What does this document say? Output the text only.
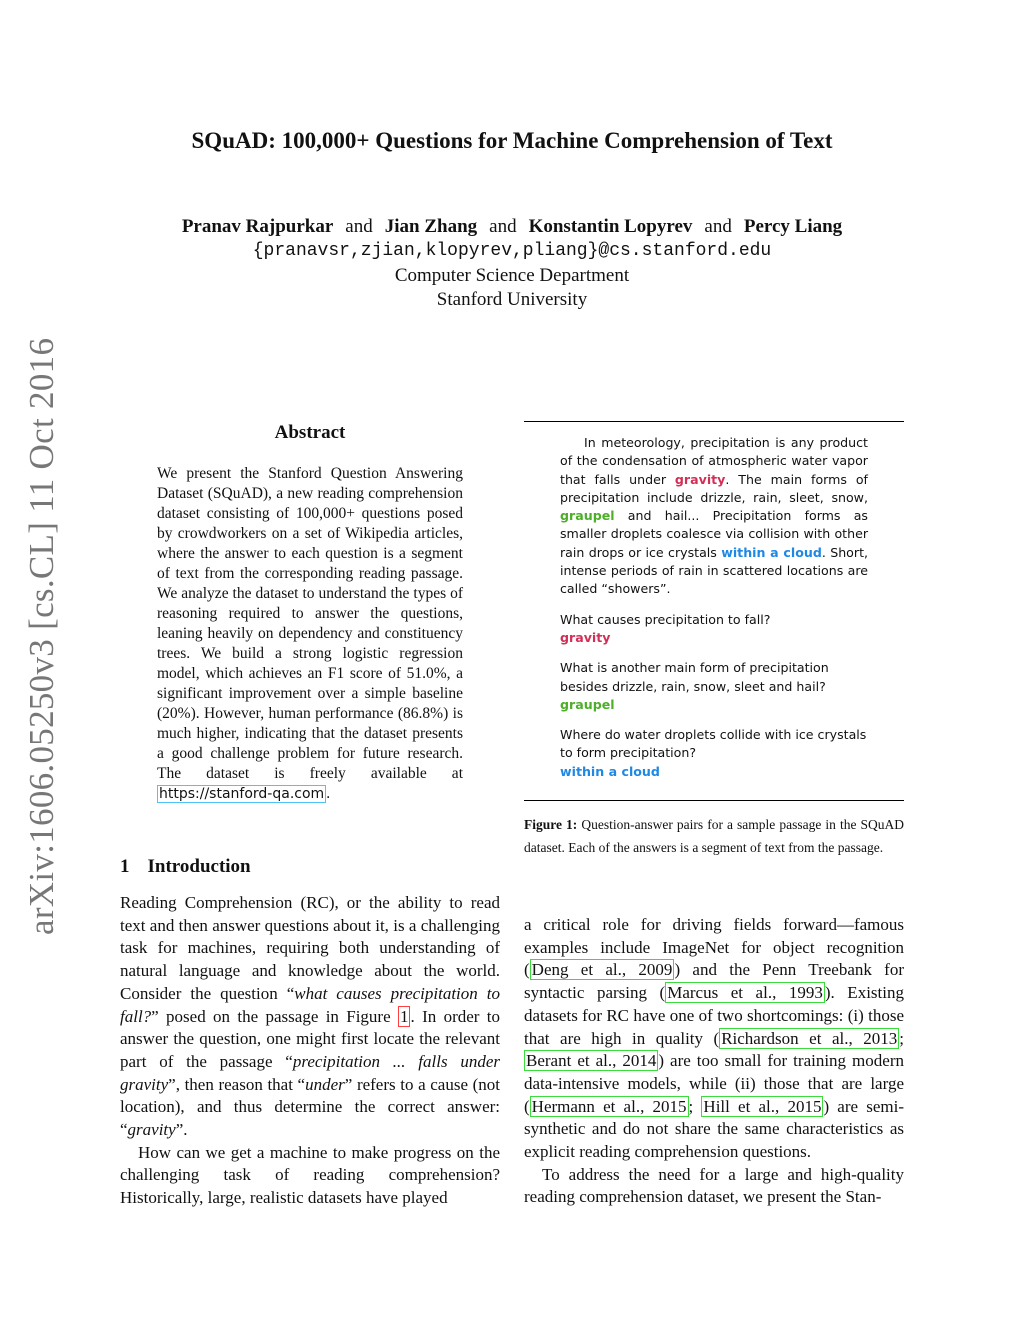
arXiv:1606.05250v3 [cs.CL] 11 Oct 2016
SQuAD: 100,000+ Questions for Machine Comprehension of Text
Pranav Rajpurkar and Jian Zhang and Konstantin Lopyrev and Percy Liang
{pranavsr,zjian,klopyrev,pliang}@cs.stanford.edu
Computer Science Department
Stanford University
Abstract
We present the Stanford Question Answering Dataset (SQuAD), a new reading comprehension dataset consisting of 100,000+ questions posed by crowdworkers on a set of Wikipedia articles, where the answer to each question is a segment of text from the corresponding reading passage. We analyze the dataset to understand the types of reasoning required to answer the questions, leaning heavily on dependency and constituency trees. We build a strong logistic regression model, which achieves an F1 score of 51.0%, a significant improvement over a simple baseline (20%). However, human performance (86.8%) is much higher, indicating that the dataset presents a good challenge problem for future research. The dataset is freely available at https://stanford-qa.com .
1 Introduction

Reading Comprehension (RC), or the ability to read text and then answer questions about it, is a challenging task for machines, requiring both understanding of natural language and knowledge about the world. Consider the question “what causes precipitation to fall?” posed on the passage in Figure 1 . In order to answer the question, one might first locate the relevant part of the passage “precipitation ... falls under gravity”, then reason that “under” refers to a cause (not location), and thus determine the correct answer: “gravity”.

How can we get a machine to make progress on the challenging task of reading comprehension? Historically, large, realistic datasets have played

In meteorology, precipitation is any product of the condensation of atmospheric water vapor that falls under gravity. The main forms of precipitation include drizzle, rain, sleet, snow, graupel and hail... Precipitation forms as smaller droplets coalesce via collision with other rain drops or ice crystals within a cloud. Short, intense periods of rain in scattered locations are called “showers”.

What causes precipitation to fall?
gravity
What is another main form of precipitation besides drizzle, rain, snow, sleet and hail?
graupel
Where do water droplets collide with ice crystals to form precipitation?
within a cloud
Figure 1: Question-answer pairs for a sample passage in the SQuAD dataset. Each of the answers is a segment of text from the passage.

a critical role for driving fields forward—famous examples include ImageNet for object recognition ( Deng et al., 2009 ) and the Penn Treebank for syntactic parsing ( Marcus et al., 1993 ). Existing datasets for RC have one of two shortcomings: (i) those that are high in quality ( Richardson et al., 2013 ; Berant et al., 2014 ) are too small for training modern data-intensive models, while (ii) those that are large ( Hermann et al., 2015 ; Hill et al., 2015 ) are semi-synthetic and do not share the same characteristics as explicit reading comprehension questions.

To address the need for a large and high-quality reading comprehension dataset, we present the Stan-
